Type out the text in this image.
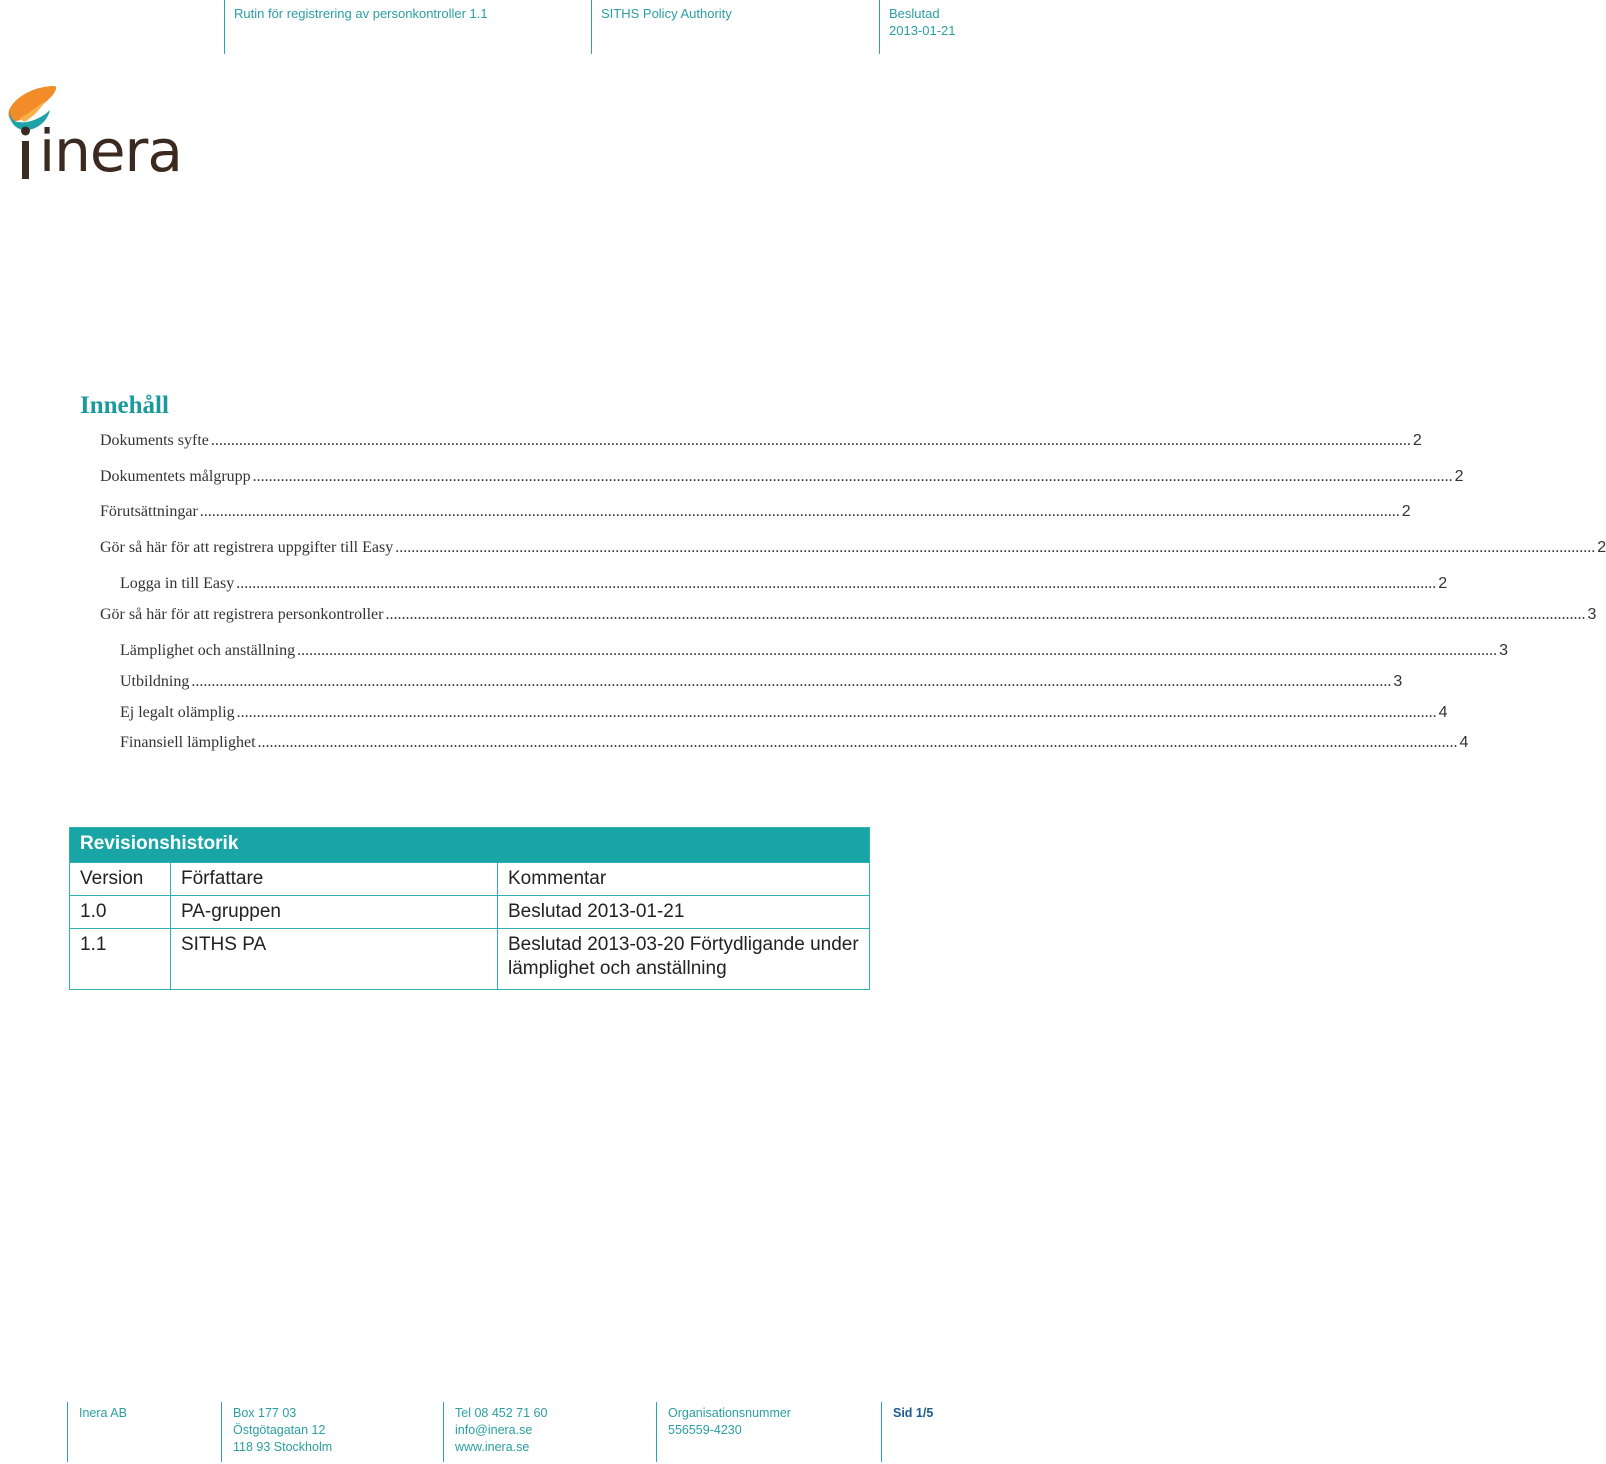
Rutin för registrering av personkontroller 1.1	SITHS Policy Authority	Beslutad
2013-01-21
inera
Innehåll
Dokuments syfte ............................................................................................................................................................................................................................................................................................................ 2
Dokumentets målgrupp ............................................................................................................................................................................................................................................................................................................ 2
Förutsättningar ............................................................................................................................................................................................................................................................................................................ 2
Gör så här för att registrera uppgifter till Easy ............................................................................................................................................................................................................................................................................................................ 2
Logga in till Easy ............................................................................................................................................................................................................................................................................................................ 2
Gör så här för att registrera personkontroller ............................................................................................................................................................................................................................................................................................................ 3
Lämplighet och anställning ............................................................................................................................................................................................................................................................................................................ 3
Utbildning ............................................................................................................................................................................................................................................................................................................ 3
Ej legalt olämplig ............................................................................................................................................................................................................................................................................................................ 4
Finansiell lämplighet ............................................................................................................................................................................................................................................................................................................ 4
Revisionshistorik		
Version	Författare	Kommentar
1.0	PA-gruppen	Beslutad 2013-01-21
1.1	SITHS PA	Beslutad 2013-03-20 Förtydligande under lämplighet och anställning
Inera AB	Box 177 03
Östgötagatan 12
118 93 Stockholm
Tel 08 452 71 60
info@inera.se
www.inera.se
Organisationsnummer
556559-4230
Sid 1/5
